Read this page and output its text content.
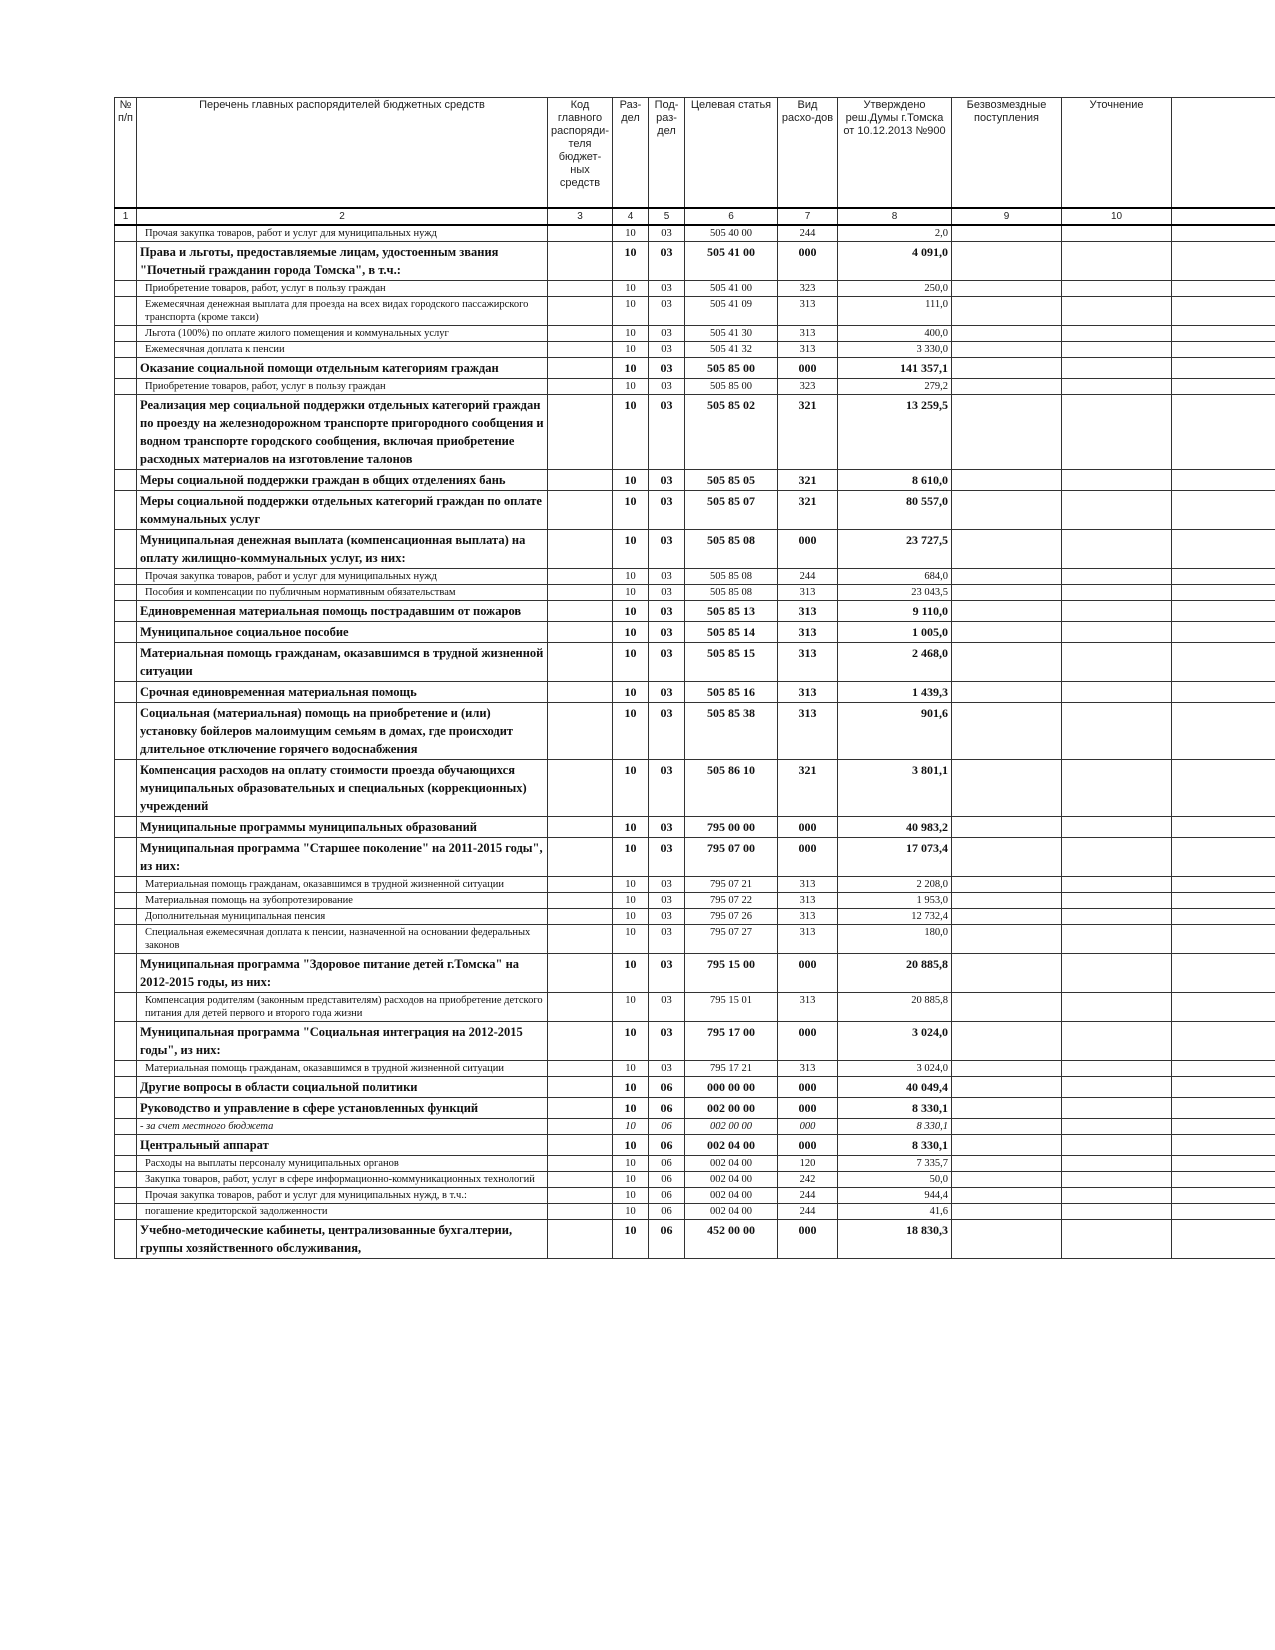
№ п/п	Перечень главных распорядителей бюджетных средств	Код главного распоряди-теля бюджет-ных средств	Раз-дел	Под-раз-дел	Целевая статья	Вид расхо-дов	Утверждено реш.Думы г.Томска от 10.12.2013 №900	Безвозмездные поступления	Уточнение	
1	2	3	4	5	6	7	8	9	10	
	Прочая закупка товаров, работ и услуг для муниципальных нужд		10	03	505 40 00	244	2,0			
	Права и льготы, предоставляемые лицам, удостоенным звания "Почетный гражданин города Томска", в т.ч.:		10	03	505 41 00	000	4 091,0			
	Приобретение товаров, работ, услуг в пользу граждан		10	03	505 41 00	323	250,0			
	Ежемесячная денежная выплата для проезда на всех видах городского пассажирского транспорта (кроме такси)		10	03	505 41 09	313	111,0			
	Льгота (100%) по оплате жилого помещения и коммунальных услуг		10	03	505 41 30	313	400,0			
	Ежемесячная доплата к пенсии		10	03	505 41 32	313	3 330,0			
	Оказание социальной помощи отдельным категориям граждан		10	03	505 85 00	000	141 357,1			
	Приобретение товаров, работ, услуг в пользу граждан		10	03	505 85 00	323	279,2			
	Реализация мер социальной поддержки отдельных категорий граждан по проезду на железнодорожном транспорте пригородного сообщения и водном транспорте городского сообщения, включая приобретение расходных материалов на изготовление талонов		10	03	505 85 02	321	13 259,5			
	Меры социальной поддержки граждан в общих отделениях бань		10	03	505 85 05	321	8 610,0			
	Меры социальной поддержки отдельных категорий граждан по оплате коммунальных услуг		10	03	505 85 07	321	80 557,0			
	Муниципальная денежная выплата (компенсационная выплата) на оплату жилищно-коммунальных услуг, из них:		10	03	505 85 08	000	23 727,5			
	Прочая закупка товаров, работ и услуг для муниципальных нужд		10	03	505 85 08	244	684,0			
	Пособия и компенсации по публичным нормативным обязательствам		10	03	505 85 08	313	23 043,5			
	Единовременная материальная помощь пострадавшим от пожаров		10	03	505 85 13	313	9 110,0			
	Муниципальное социальное пособие		10	03	505 85 14	313	1 005,0			
	Материальная помощь гражданам, оказавшимся в трудной жизненной ситуации		10	03	505 85 15	313	2 468,0			
	Срочная единовременная материальная помощь		10	03	505 85 16	313	1 439,3			
	Социальная (материальная) помощь на приобретение и (или) установку бойлеров малоимущим семьям в домах, где происходит длительное отключение горячего водоснабжения		10	03	505 85 38	313	901,6			
	Компенсация расходов на оплату стоимости проезда обучающихся муниципальных образовательных и специальных (коррекционных) учреждений		10	03	505 86 10	321	3 801,1			
	Муниципальные программы муниципальных образований		10	03	795 00 00	000	40 983,2			
	Муниципальная программа "Старшее поколение" на 2011-2015 годы", из них:		10	03	795 07 00	000	17 073,4			
	Материальная помощь гражданам, оказавшимся в трудной жизненной ситуации		10	03	795 07 21	313	2 208,0			
	Материальная помощь на зубопротезирование		10	03	795 07 22	313	1 953,0			
	Дополнительная муниципальная пенсия		10	03	795 07 26	313	12 732,4			
	Специальная ежемесячная доплата к пенсии, назначенной на основании федеральных законов		10	03	795 07 27	313	180,0			
	Муниципальная программа "Здоровое питание детей г.Томска" на 2012-2015 годы, из них:		10	03	795 15 00	000	20 885,8			
	Компенсация родителям (законным представителям) расходов на приобретение детского питания для детей первого и второго года жизни		10	03	795 15 01	313	20 885,8			
	Муниципальная программа "Социальная интеграция на 2012-2015 годы", из них:		10	03	795 17 00	000	3 024,0			
	Материальная помощь гражданам, оказавшимся в трудной жизненной ситуации		10	03	795 17 21	313	3 024,0			
	Другие вопросы в области социальной политики		10	06	000 00 00	000	40 049,4			
	Руководство и управление в сфере установленных функций		10	06	002 00 00	000	8 330,1			
	- за счет местного бюджета		10	06	002 00 00	000	8 330,1			
	Центральный аппарат		10	06	002 04 00	000	8 330,1			
	Расходы на выплаты персоналу муниципальных органов		10	06	002 04 00	120	7 335,7			
	Закупка товаров, работ, услуг в сфере информационно-коммуникационных технологий		10	06	002 04 00	242	50,0			
	Прочая закупка товаров, работ и услуг для муниципальных нужд, в т.ч.:		10	06	002 04 00	244	944,4			
	погашение кредиторской задолженности		10	06	002 04 00	244	41,6			
	Учебно-методические кабинеты, централизованные бухгалтерии, группы хозяйственного обслуживания,		10	06	452 00 00	000	18 830,3			
